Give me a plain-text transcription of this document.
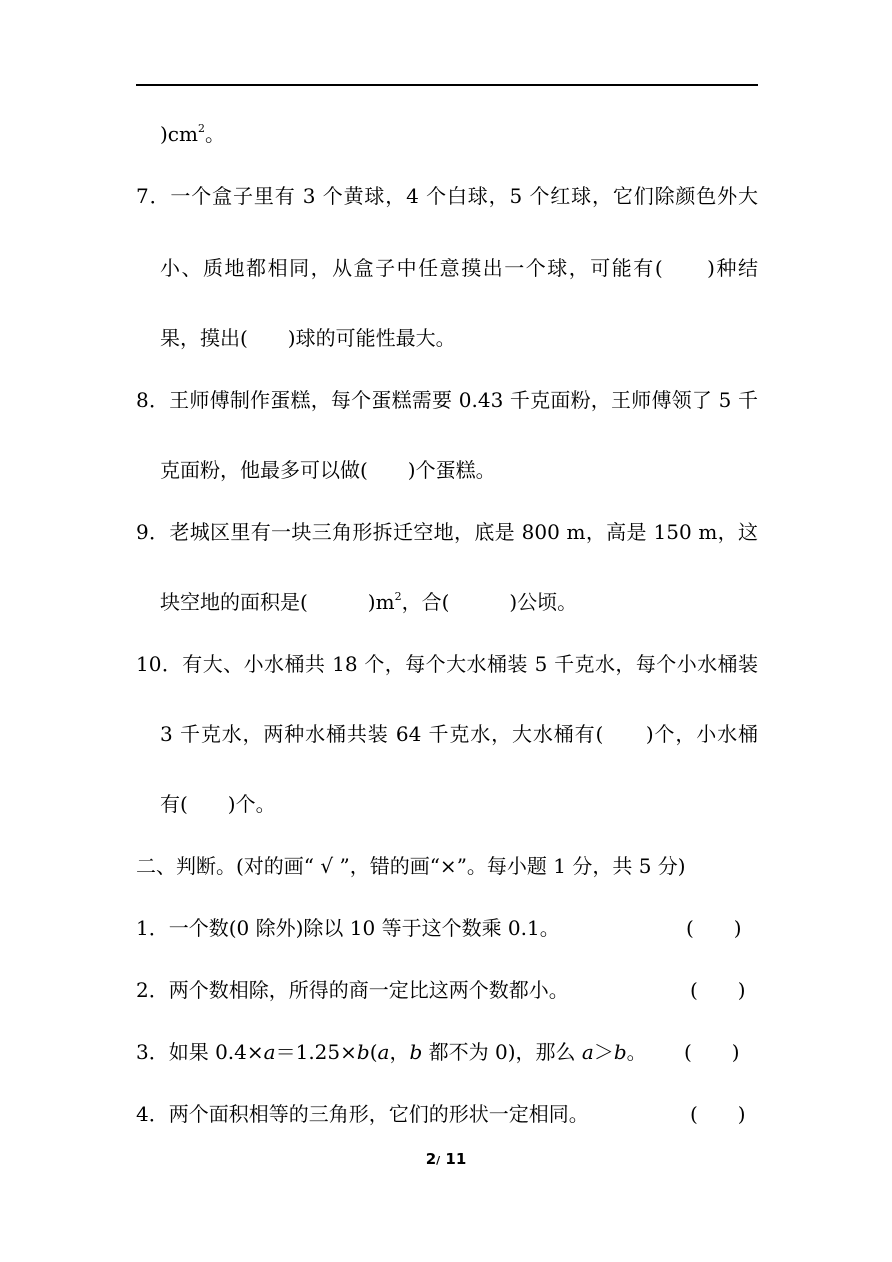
)$cm^2$。
7．一个盒子里有 3 个黄球，4 个白球，5 个红球，它们除颜色外大
小、质地都相同，从盒子中任意摸出一个球，可能有(　　)种结
果，摸出(　　)球的可能性最大。
8．王师傅制作蛋糕，每个蛋糕需要 0.43 千克面粉，王师傅领了 5 千
克面粉，他最多可以做(　　)个蛋糕。
9．老城区里有一块三角形拆迁空地，底是 800 m，高是 150 m，这
块空地的面积是(　　　)$m^2$，合(　　　)公顷。
10．有大、小水桶共 18 个，每个大水桶装 5 千克水，每个小水桶装
3 千克水，两种水桶共装 64 千克水，大水桶有(　　)个，小水桶
有(　　)个。
二、判断。(对的画“ √ ”，错的画“×”。每小题 1 分，共 5 分)
1．一个数(0 除外)除以 10 等于这个数乘 0.1。	(　　)
2．两个数相除，所得的商一定比这两个数都小。	(　　)
3．如果 0.4×a＝1.25×b(a，b 都不为 0)，那么 a＞b。 (　　)
4．两个面积相等的三角形，它们的形状一定相同。	(　　)
2/ 11
